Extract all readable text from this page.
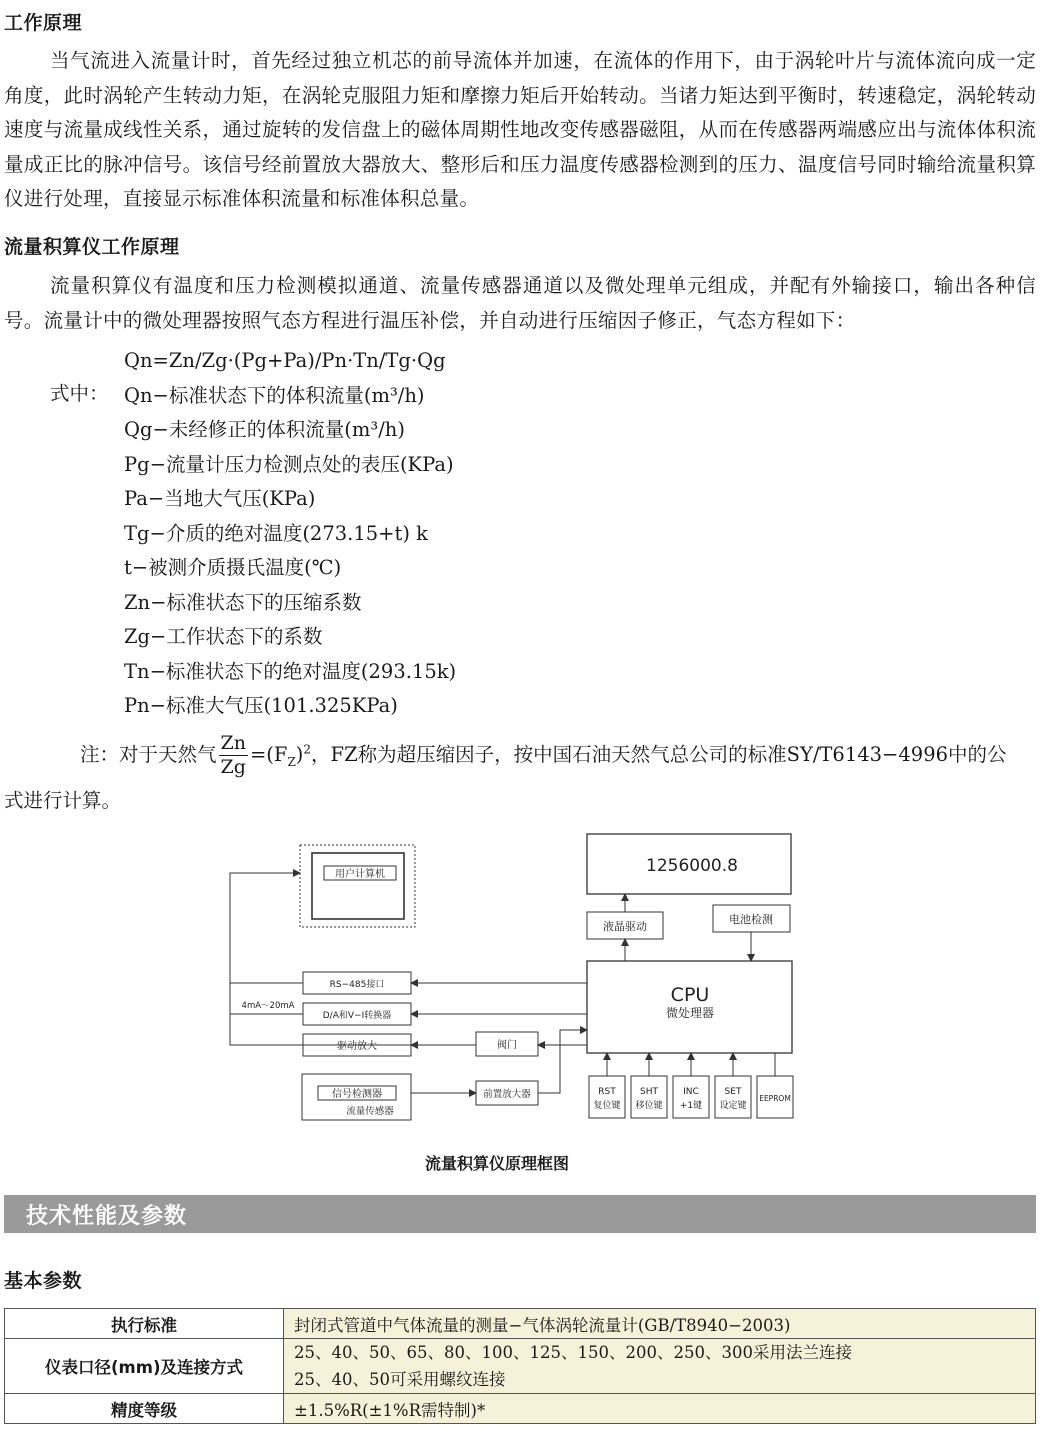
工作原理
当气流进入流量计时，首先经过独立机芯的前导流体并加速，在流体的作用下，由于涡轮叶片与流体流向成一定角度，此时涡轮产生转动力矩，在涡轮克服阻力矩和摩擦力矩后开始转动。当诸力矩达到平衡时，转速稳定，涡轮转动速度与流量成线性关系，通过旋转的发信盘上的磁体周期性地改变传感器磁阻，从而在传感器两端感应出与流体体积流量成正比的脉冲信号。该信号经前置放大器放大、整形后和压力温度传感器检测到的压力、温度信号同时输给流量积算仪进行处理，直接显示标准体积流量和标准体积总量。
流量积算仪工作原理
流量积算仪有温度和压力检测模拟通道、流量传感器通道以及微处理单元组成，并配有外输接口，输出各种信号。流量计中的微处理器按照气态方程进行温压补偿，并自动进行压缩因子修正，气态方程如下：
式中：
Qn=Zn/Zg·(Pg+Pa)/Pn·Tn/Tg·Qg
Qn−标准状态下的体积流量(m³/h)
Qg−未经修正的体积流量(m³/h)
Pg−流量计压力检测点处的表压(KPa)
Pa−当地大气压(KPa)
Tg−介质的绝对温度(273.15+t) k
t−被测介质摄氏温度(℃)
Zn−标准状态下的压缩系数
Zg−工作状态下的系数
Tn−标准状态下的绝对温度(293.15k)
Pn−标准大气压(101.325KPa)
注：对于天然气 $\frac{Zn}{Zg} =(F_Z)^2$，FZ称为超压缩因子，按中国石油天然气总公司的标准SY/T6143−4996中的公
式进行计算。
用户计算机	1256000.8
液晶驱动
电池检测
CPU
微处理器
RS−485接口
4mA～20mA
D/A和V−I转换器
驱动放大	阀门
前置放大器
信号检测器
流量传感器
RST
复位键
SHT
移位键
INC
+1键
SET
设定键
EEPROM
流量积算仪原理框图
技术性能及参数
基本参数
执行标准	封闭式管道中气体流量的测量−气体涡轮流量计(GB/T8940−2003)
仪表口径(mm)及连接方式	25、40、50、65、80、100、125、150、200、250、300采用法兰连接
25、40、50可采用螺纹连接

精度等级	±1.5%R(±1%R需特制)*
